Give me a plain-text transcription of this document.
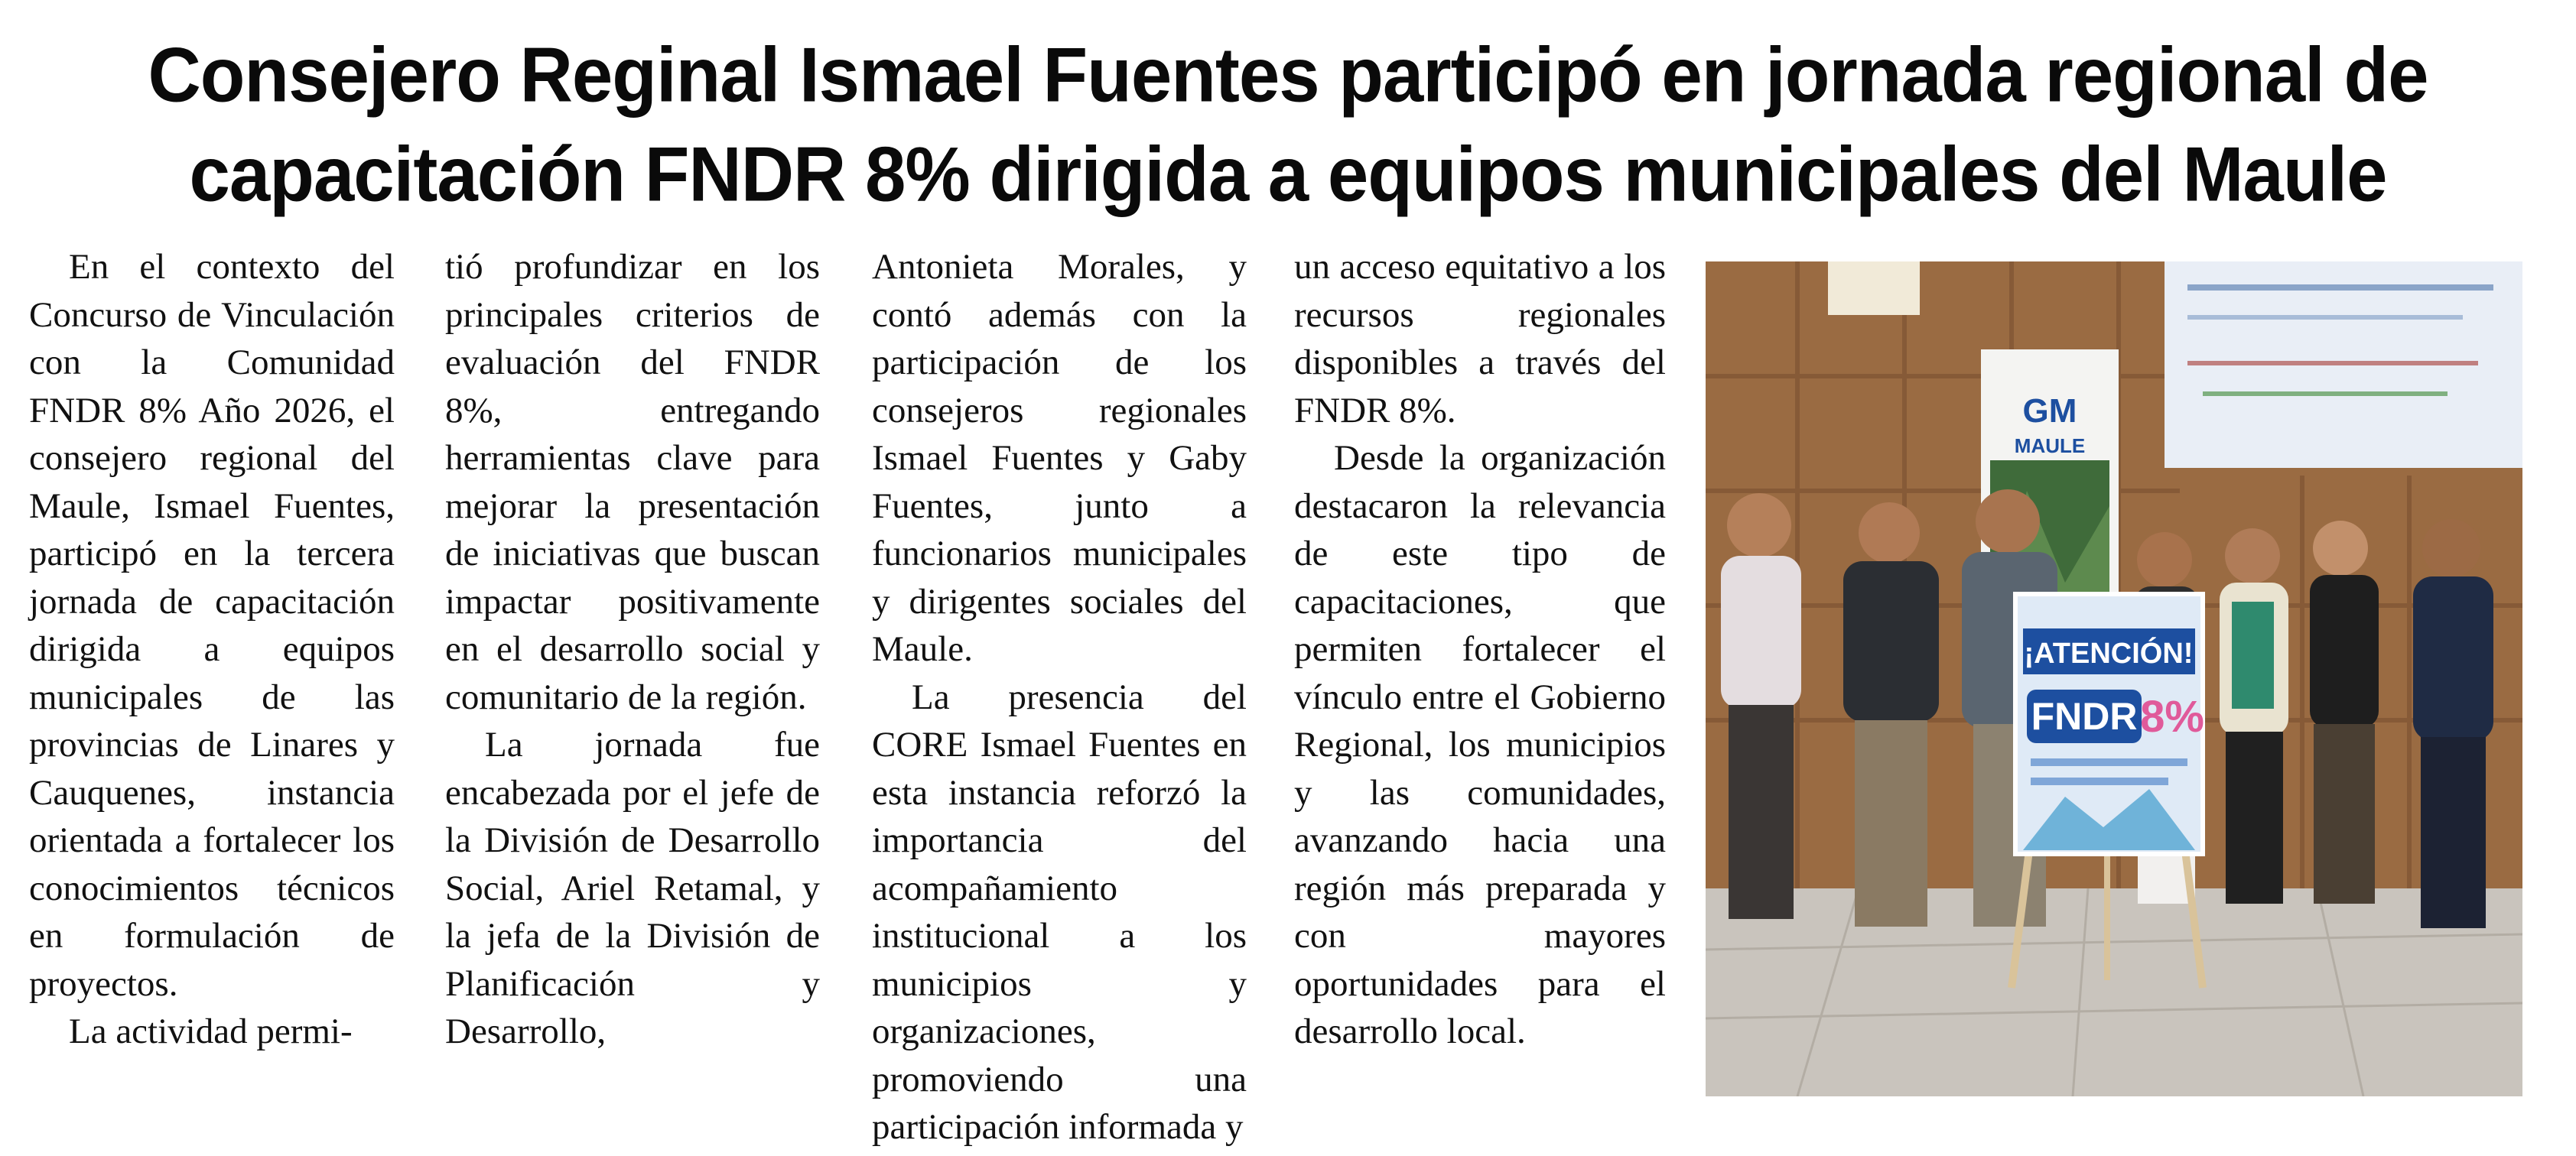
Consejero Reginal Ismael Fuentes participó en jornada regional de
capacitación FNDR 8% dirigida a equipos municipales del Maule

En el contexto del Concurso de Vinculación con la Comunidad FNDR 8% Año 2026, el consejero regional del Maule, Ismael Fuentes, participó en la tercera jornada de capacitación dirigida a equipos municipales de las provincias de Linares y Cauquenes, instancia orientada a fortalecer los conocimientos técnicos en formulación de proyectos.

La actividad permi-

tió profundizar en los principales criterios de evaluación del FNDR 8%, entregando herramientas clave para mejorar la presentación de iniciativas que buscan impactar positivamente en el desarrollo social y comunitario de la región.

La jornada fue encabezada por el jefe de la División de Desarrollo Social, Ariel Retamal, y la jefa de la División de Planificación y Desarrollo,

Antonieta Morales, y contó además con la participación de los consejeros regionales Ismael Fuentes y Gaby Fuentes, junto a funcionarios municipales y dirigentes sociales del Maule.

La presencia del CORE Ismael Fuentes en esta instancia reforzó la importancia del acompañamiento institucional a los municipios y organizaciones, promoviendo una participación informada y

un acceso equitativo a los recursos regionales disponibles a través del FNDR 8%.

Desde la organización destacaron la relevancia de este tipo de capacitaciones, que permiten fortalecer el vínculo entre el Gobierno Regional, los municipios y las comunidades, avanzando hacia una región más preparada y con mayores oportunidades para el desarrollo local.

GM
MAULE
¡ATENCIÓN!
FNDR 8%
